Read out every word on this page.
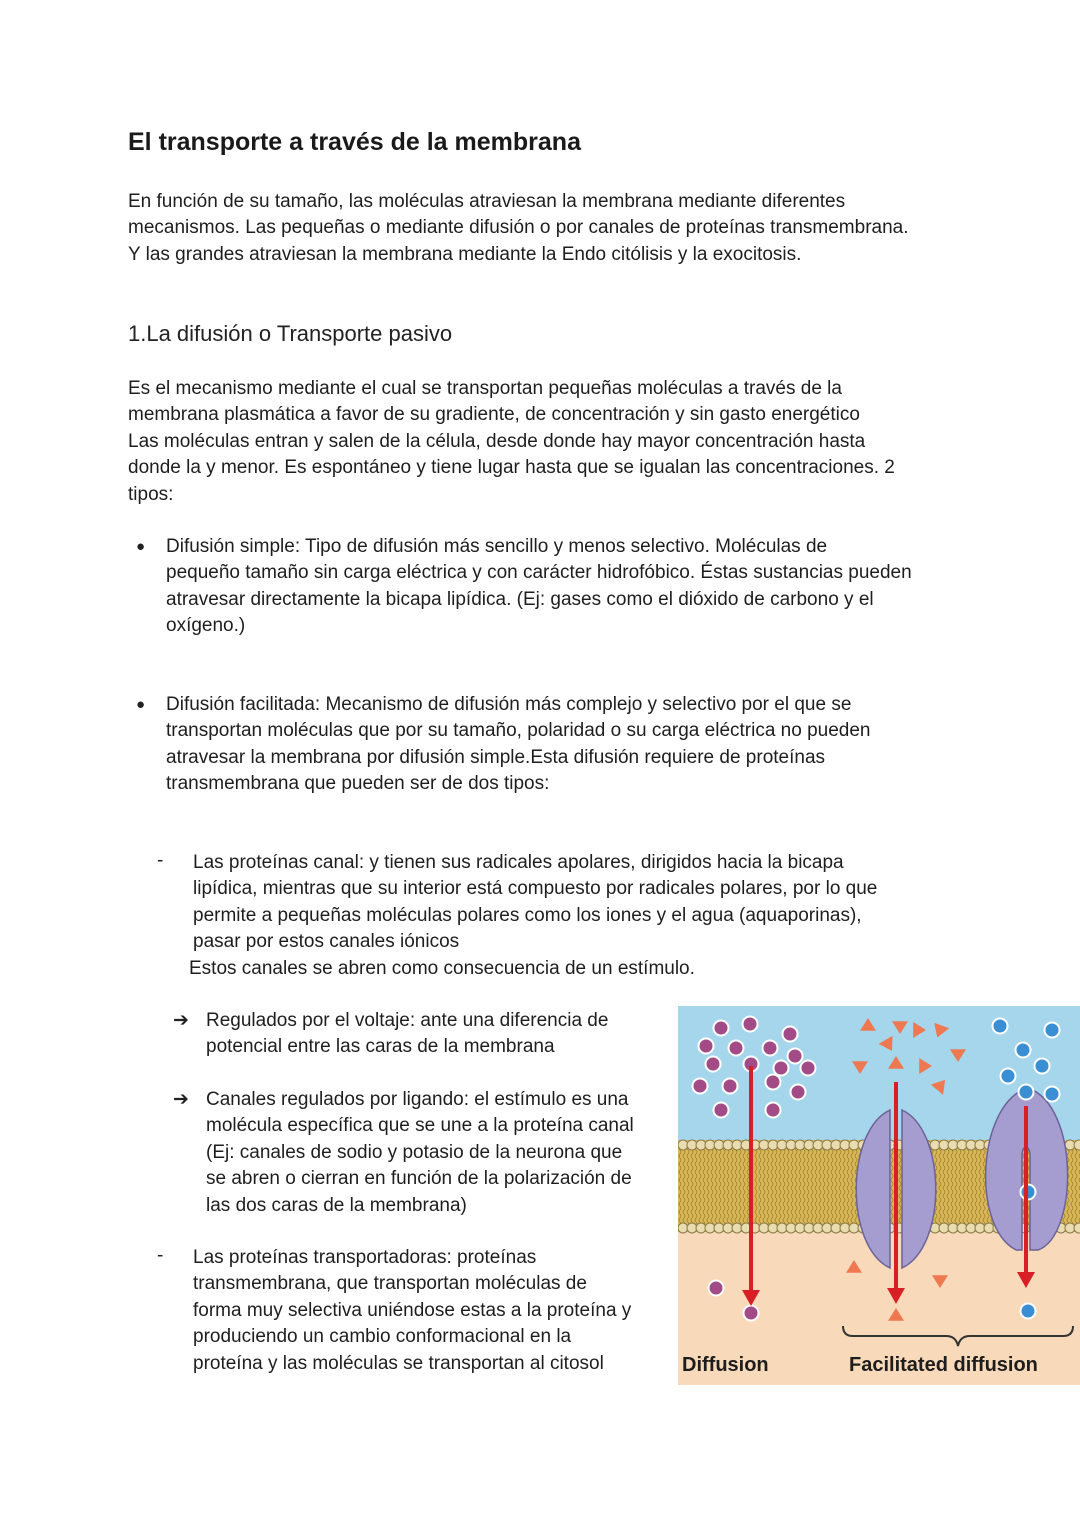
El transporte a través de la membrana

En función de su tamaño, las moléculas atraviesan la membrana mediante diferentes
mecanismos. Las pequeñas o mediante difusión o por canales de proteínas transmembrana.
Y las grandes atraviesan la membrana mediante la Endo citólisis y la exocitosis.

1.La difusión o Transporte pasivo

Es el mecanismo mediante el cual se transportan pequeñas moléculas a través de la
membrana plasmática a favor de su gradiente, de concentración y sin gasto energético
Las moléculas entran y salen de la célula, desde donde hay mayor concentración hasta
donde la y menor. Es espontáneo y tiene lugar hasta que se igualan las concentraciones. 2
tipos:

● Difusión simple: Tipo de difusión más sencillo y menos selectivo. Moléculas de
pequeño tamaño sin carga eléctrica y con carácter hidrofóbico. Éstas sustancias pueden
atravesar directamente la bicapa lipídica. (Ej: gases como el dióxido de carbono y el
oxígeno.)

● Difusión facilitada: Mecanismo de difusión más complejo y selectivo por el que se
transportan moléculas que por su tamaño, polaridad o su carga eléctrica no pueden
atravesar la membrana por difusión simple.Esta difusión requiere de proteínas
transmembrana que pueden ser de dos tipos:

- Las proteínas canal: y tienen sus radicales apolares, dirigidos hacia la bicapa
lipídica, mientras que su interior está compuesto por radicales polares, por lo que
permite a pequeñas moléculas polares como los iones y el agua (aquaporinas),
pasar por estos canales iónicos

Estos canales se abren como consecuencia de un estímulo.

➔ Regulados por el voltaje: ante una diferencia de
potencial entre las caras de la membrana

➔ Canales regulados por ligando: el estímulo es una
molécula específica que se une a la proteína canal
(Ej: canales de sodio y potasio de la neurona que
se abren o cierran en función de la polarización de
las dos caras de la membrana)

- Las proteínas transportadoras: proteínas
transmembrana, que transportan moléculas de
forma muy selectiva uniéndose estas a la proteína y
produciendo un cambio conformacional en la
proteína y las moléculas se transportan al citosol	Diffusion	Facilitated diffusion
